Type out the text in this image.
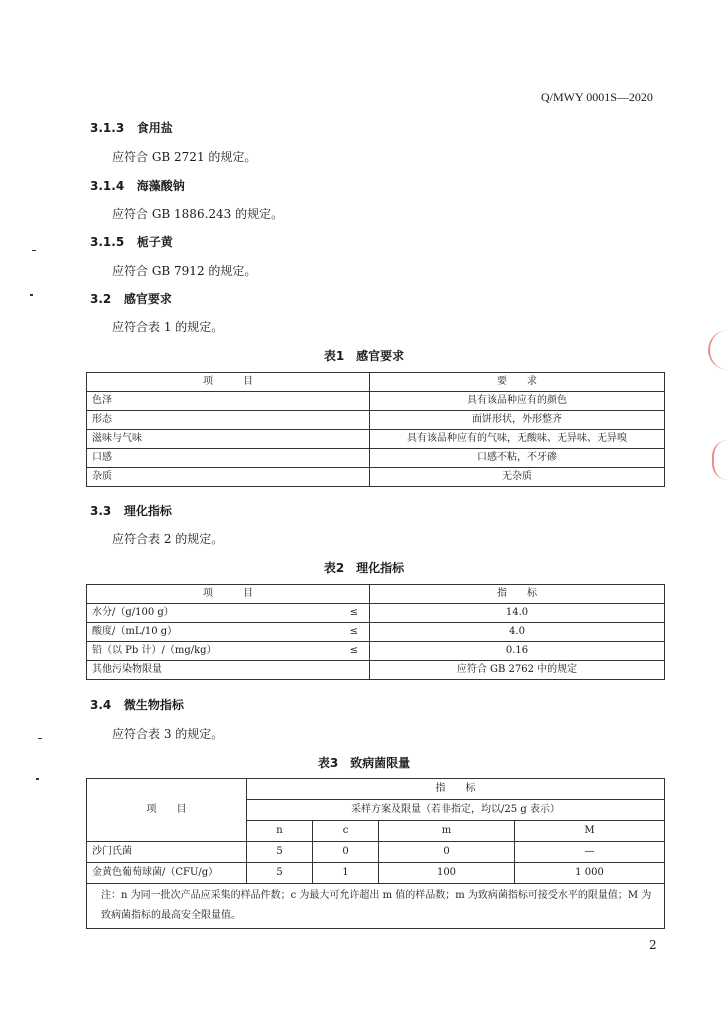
Q/MWY 0001S—2020
3.1.3 食用盐
应符合 GB 2721 的规定。
3.1.4 海藻酸钠
应符合 GB 1886.243 的规定。
3.1.5 栀子黄
应符合 GB 7912 的规定。
3.2 感官要求
应符合表 1 的规定。
表1　感官要求
项　　　目	要　　求
色泽	具有该品种应有的颜色
形态	面饼形状，外形整齐
滋味与气味	具有该品种应有的气味，无酸味、无异味、无异嗅
口感	口感不粘，不牙碜
杂质	无杂质
3.3 理化指标
应符合表 2 的规定。
表2　理化指标
项　　　目	指　　标
水分/（g/100 g） ≤	14.0
酸度/（mL/10 g） ≤	4.0
铅（以 Pb 计）/（mg/kg） ≤	0.16
其他污染物限量	应符合 GB 2762 中的规定
3.4 微生物指标
应符合表 3 的规定。
表3　致病菌限量
项　　目	指　　标			
	采样方案及限量（若非指定，均以/25 g 表示）			
	n	c	m	M
沙门氏菌	5	0	0	—
金黄色葡萄球菌/（CFU/g）	5	1	100	1 000
注：n 为同一批次产品应采集的样品件数；c 为最大可允许超出 m 值的样品数；m 为致病菌指标可接受水平的限量值；M 为致病菌指标的最高安全限量值。				
2
